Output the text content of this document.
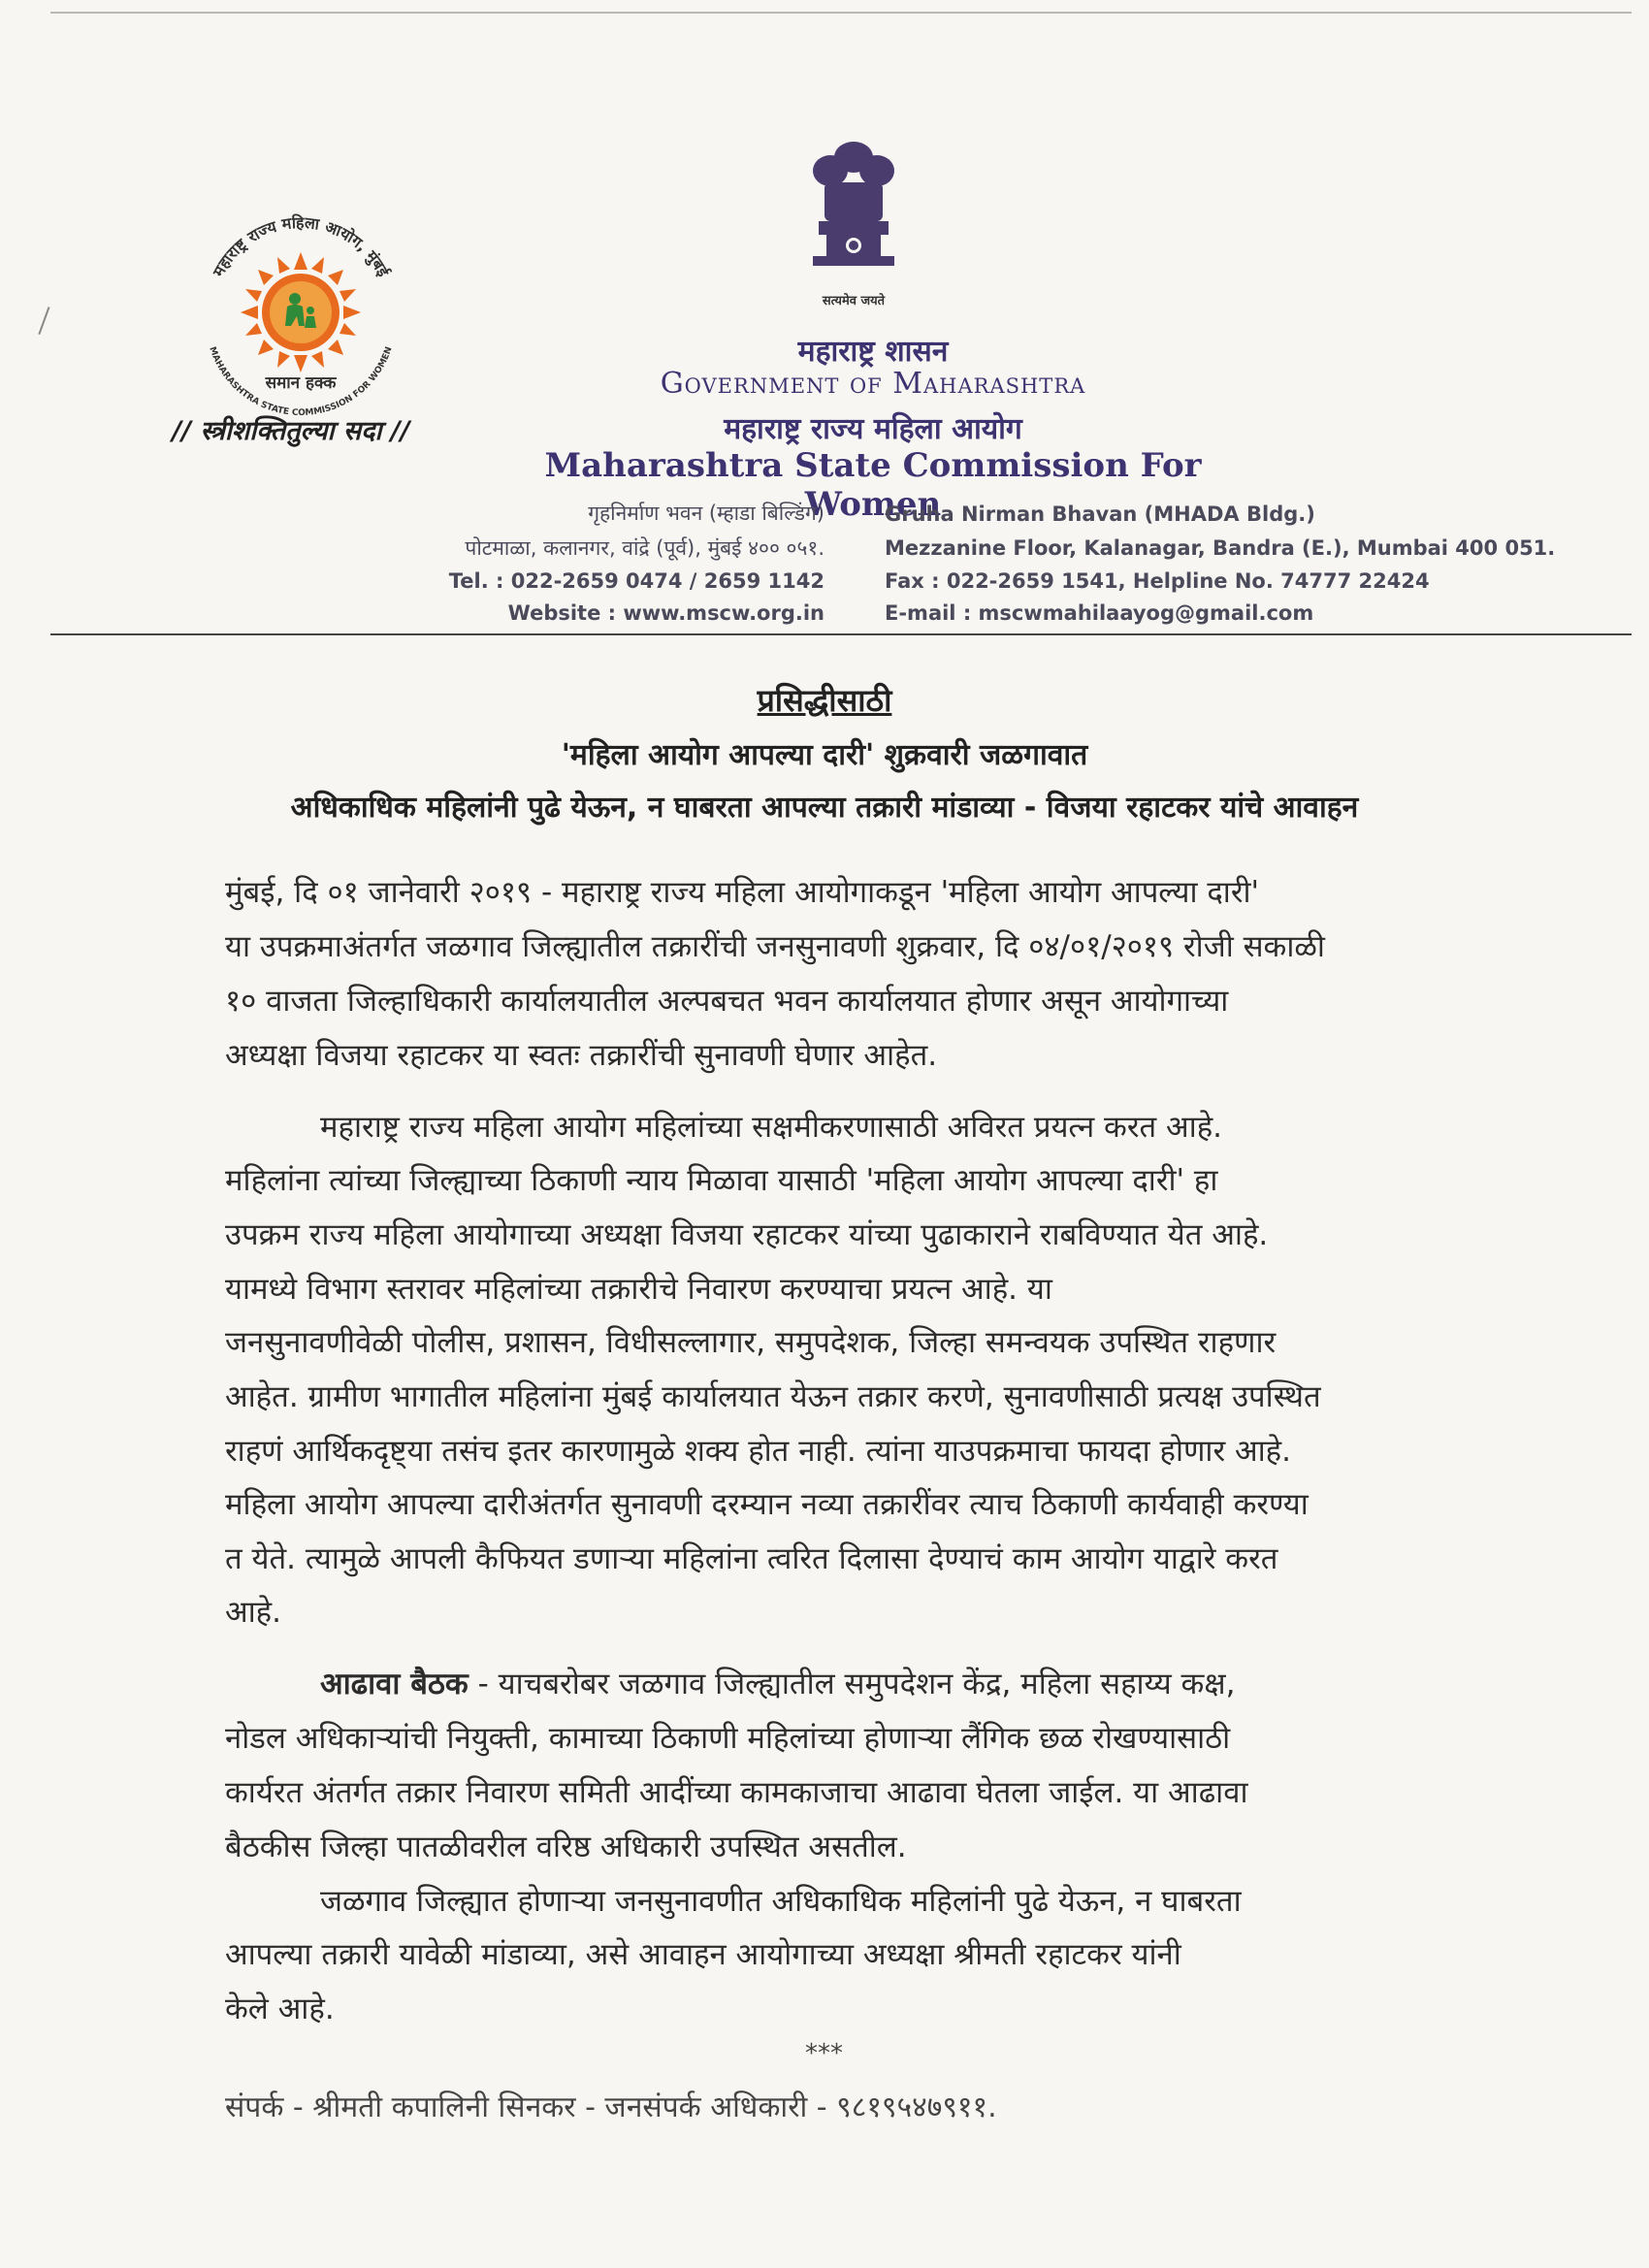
महाराष्ट्र राज्य महिला आयोग, मुंबई
MAHARASHTRA STATE COMMISSION FOR WOMEN
समान हक्क
// स्त्रीशक्तितुल्या सदा //
सत्यमेव जयते
महाराष्ट्र शासन
Government of Maharashtra
महाराष्ट्र राज्य महिला आयोग
Maharashtra State Commission For Women
गृहनिर्माण भवन (म्हाडा बिल्डिंग)
पोटमाळा, कलानगर, वांद्रे (पूर्व), मुंबई ४०० ०५१.
Tel. : 022-2659 0474 / 2659 1142
Website : www.mscw.org.in
Gruha Nirman Bhavan (MHADA Bldg.)
Mezzanine Floor, Kalanagar, Bandra (E.), Mumbai 400 051.
Fax : 022-2659 1541, Helpline No. 74777 22424
E-mail : mscwmahilaayog@gmail.com
प्रसिद्धीसाठी
'महिला आयोग आपल्या दारी' शुक्रवारी जळगावात
अधिकाधिक महिलांनी पुढे येऊन, न घाबरता आपल्या तक्रारी मांडाव्या - विजया रहाटकर यांचे आवाहन
मुंबई, दि ०१ जानेवारी २०१९ - महाराष्ट्र राज्य महिला आयोगाकडून 'महिला आयोग आपल्या दारी'
या उपक्रमाअंतर्गत जळगाव जिल्ह्यातील तक्रारींची जनसुनावणी शुक्रवार, दि ०४/०१/२०१९ रोजी सकाळी
१० वाजता जिल्हाधिकारी कार्यालयातील अल्पबचत भवन कार्यालयात होणार असून आयोगाच्या
अध्यक्षा विजया रहाटकर या स्वतः तक्रारींची सुनावणी घेणार आहेत.
महाराष्ट्र राज्य महिला आयोग महिलांच्या सक्षमीकरणासाठी अविरत प्रयत्न करत आहे.
महिलांना त्यांच्या जिल्ह्याच्या ठिकाणी न्याय मिळावा यासाठी 'महिला आयोग आपल्या दारी' हा
उपक्रम राज्य महिला आयोगाच्या अध्यक्षा विजया रहाटकर यांच्या पुढाकाराने राबविण्यात येत आहे.
यामध्ये विभाग स्तरावर महिलांच्या तक्रारीचे निवारण करण्याचा प्रयत्न आहे. या
जनसुनावणीवेळी पोलीस, प्रशासन, विधीसल्लागार, समुपदेशक, जिल्हा समन्वयक उपस्थित राहणार
आहेत. ग्रामीण भागातील महिलांना मुंबई कार्यालयात येऊन तक्रार करणे, सुनावणीसाठी प्रत्यक्ष उपस्थित
राहणं आर्थिकदृष्ट्या तसंच इतर कारणामुळे शक्य होत नाही. त्यांना याउपक्रमाचा फायदा होणार आहे.
महिला आयोग आपल्या दारीअंतर्गत सुनावणी दरम्यान नव्या तक्रारींवर त्याच ठिकाणी कार्यवाही करण्या
त येते. त्यामुळे आपली कैफियत डणाऱ्या महिलांना त्वरित दिलासा देण्याचं काम आयोग याद्वारे करत
आहे.
आढावा बैठक - याचबरोबर जळगाव जिल्ह्यातील समुपदेशन केंद्र, महिला सहाय्य कक्ष,
नोडल अधिकाऱ्यांची नियुक्ती, कामाच्या ठिकाणी महिलांच्या होणाऱ्या लैंगिक छळ रोखण्यासाठी
कार्यरत अंतर्गत तक्रार निवारण समिती आदींच्या कामकाजाचा आढावा घेतला जाईल. या आढावा
बैठकीस जिल्हा पातळीवरील वरिष्ठ अधिकारी उपस्थित असतील.
जळगाव जिल्ह्यात होणाऱ्या जनसुनावणीत अधिकाधिक महिलांनी पुढे येऊन, न घाबरता
आपल्या तक्रारी यावेळी मांडाव्या, असे आवाहन आयोगाच्या अध्यक्षा श्रीमती रहाटकर यांनी
केले आहे.
***
संपर्क - श्रीमती कपालिनी सिनकर - जनसंपर्क अधिकारी - ९८१९५४७९११.
